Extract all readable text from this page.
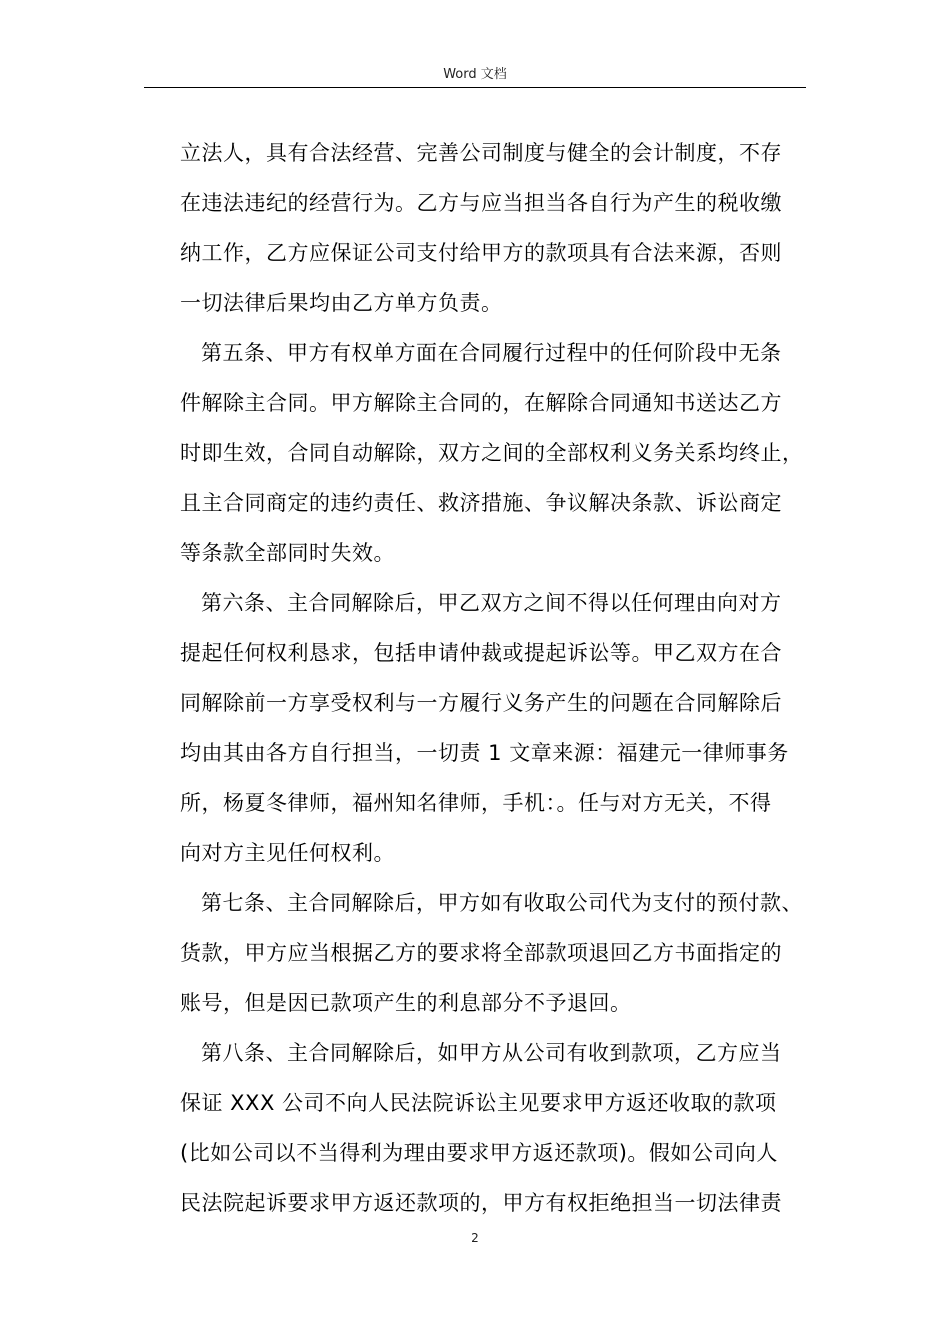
Word 文档
立法人，具有合法经营、完善公司制度与健全的会计制度，不存
在违法违纪的经营行为。乙方与应当担当各自行为产生的税收缴
纳工作，乙方应保证公司支付给甲方的款项具有合法来源，否则
一切法律后果均由乙方单方负责。
第五条、甲方有权单方面在合同履行过程中的任何阶段中无条
件解除主合同。甲方解除主合同的，在解除合同通知书送达乙方
时即生效，合同自动解除，双方之间的全部权利义务关系均终止，
且主合同商定的违约责任、救济措施、争议解决条款、诉讼商定
等条款全部同时失效。
第六条、主合同解除后，甲乙双方之间不得以任何理由向对方
提起任何权利恳求，包括申请仲裁或提起诉讼等。甲乙双方在合
同解除前一方享受权利与一方履行义务产生的问题在合同解除后
均由其由各方自行担当，一切责 1 文章来源：福建元一律师事务
所，杨夏冬律师，福州知名律师，手机：。任与对方无关，不得
向对方主见任何权利。
第七条、主合同解除后，甲方如有收取公司代为支付的预付款、
货款，甲方应当根据乙方的要求将全部款项退回乙方书面指定的
账号，但是因已款项产生的利息部分不予退回。
第八条、主合同解除后，如甲方从公司有收到款项，乙方应当
保证 XXX 公司不向人民法院诉讼主见要求甲方返还收取的款项
(比如公司以不当得利为理由要求甲方返还款项)。假如公司向人
民法院起诉要求甲方返还款项的，甲方有权拒绝担当一切法律责
2
